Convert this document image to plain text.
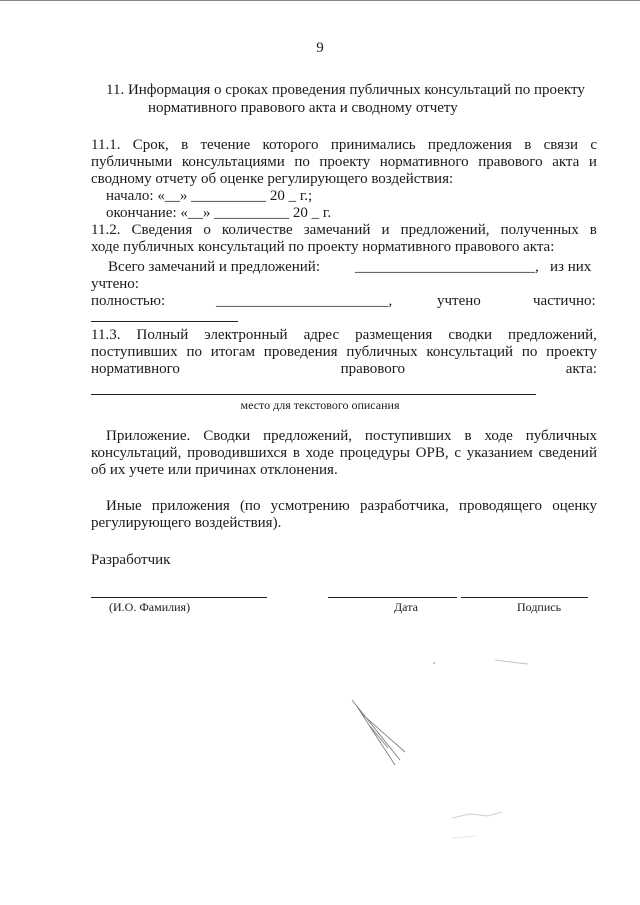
9
11. Информация о сроках проведения публичных консультаций по проекту
нормативного правового акта и сводному отчету
11.1. Срок, в течение которого принимались предложения в связи с
публичными консультациями по проекту нормативного правового акта и
сводному отчету об оценке регулирующего воздействия:
начало: «__» __________ 20 _ г.;
окончание: «__» __________ 20 _ г.
11.2. Сведения о количестве замечаний и предложений, полученных в
ходе публичных консультаций по проекту нормативного правового акта:
Всего замечаний и предложений: ________________________, из них
учтено:
полностью:	_______________________,	учтено	частично:
11.3. Полный электронный адрес размещения сводки предложений,
поступивших по итогам проведения публичных консультаций по проекту
нормативного	правового	акта:
место для текстового описания
Приложение. Сводки предложений, поступивших в ходе публичных
консультаций, проводившихся в ходе процедуры ОРВ, с указанием сведений
об их учете или причинах отклонения.
Иные приложения (по усмотрению разработчика, проводящего оценку
регулирующего воздействия).
Разработчик
(И.О. Фамилия)	Дата	Подпись
